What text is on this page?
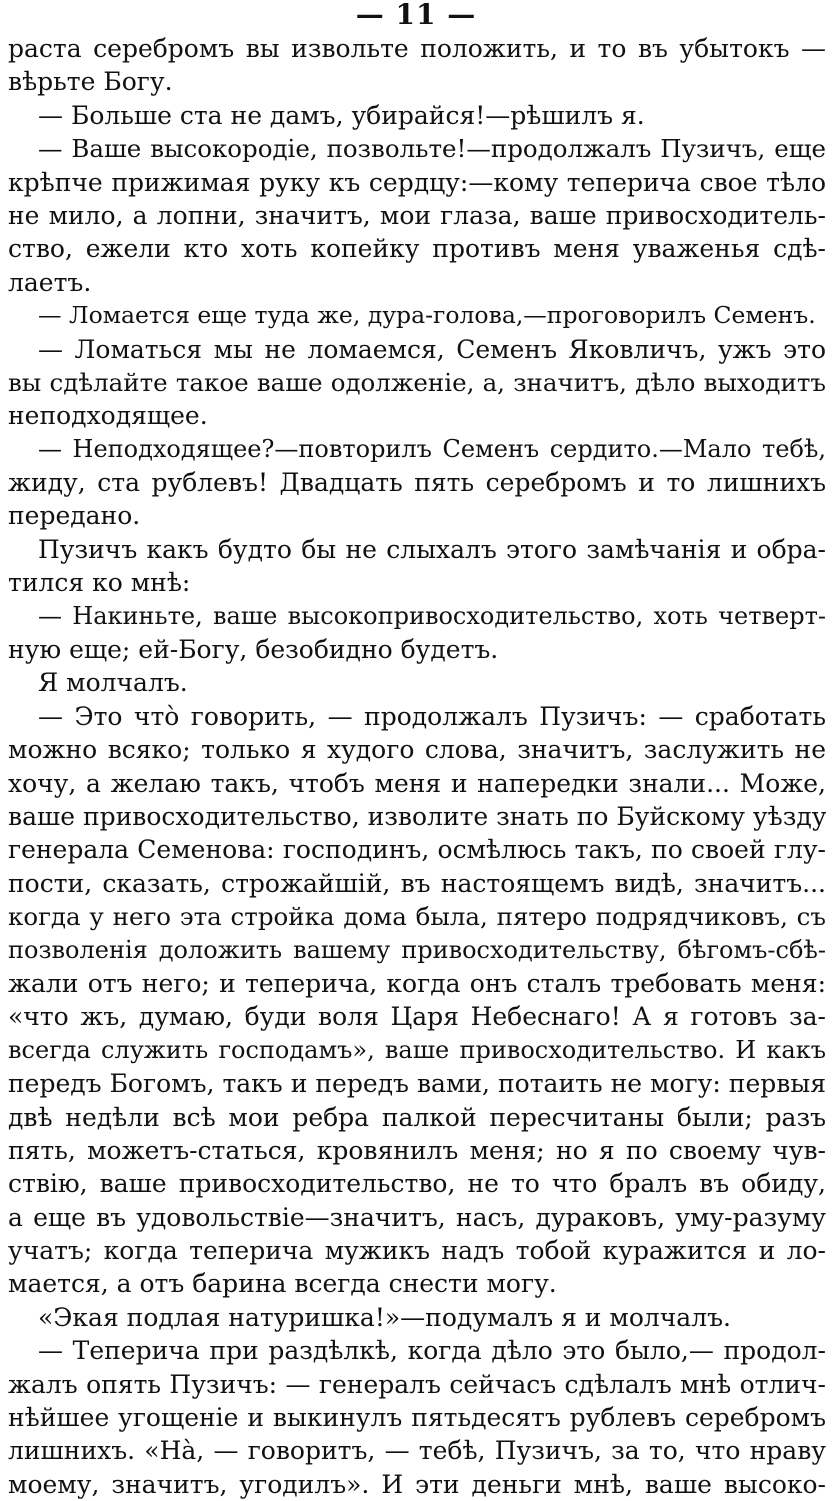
— 11 —
раста серебромъ вы извольте положить, и то въ убытокъ —
вѣрьте Богу.
— Больше ста не дамъ, убирайся!—рѣшилъ я.
— Ваше высокородіе, позвольте!—продолжалъ Пузичъ, еще
крѣпче прижимая руку къ сердцу:—кому теперича свое тѣло
не мило, а лопни, значитъ, мои глаза, ваше привосходитель-
ство, ежели кто хоть копейку противъ меня уваженья сдѣ-
лаетъ.
— Ломается еще туда же, дура-голова,—проговорилъ Семенъ.
— Ломаться мы не ломаемся, Семенъ Яковличъ, ужъ это
вы сдѣлайте такое ваше одолженіе, а, значитъ, дѣло выходитъ
неподходящее.
— Неподходящее?—повторилъ Семенъ сердито.—Мало тебѣ,
жиду, ста рублевъ! Двадцать пять серебромъ и то лишнихъ
передано.
Пузичъ какъ будто бы не слыхалъ этого замѣчанія и обра-
тился ко мнѣ:
— Накиньте, ваше высокопривосходительство, хоть четверт-
ную еще; ей-Богу, безобидно будетъ.
Я молчалъ.
— Это что̀ говорить, — продолжалъ Пузичъ: — сработать
можно всяко; только я худого слова, значитъ, заслужить не
хочу, а желаю такъ, чтобъ меня и напередки знали... Може,
ваше привосходительство, изволите знать по Буйскому уѣзду
генерала Семенова: господинъ, осмѣлюсь такъ, по своей глу-
пости, сказать, строжайшій, въ настоящемъ видѣ, значитъ...
когда у него эта стройка дома была, пятеро подрядчиковъ, съ
позволенія доложить вашему привосходительству, бѣгомъ-сбѣ-
жали отъ него; и теперича, когда онъ сталъ требовать меня:
«что жъ, думаю, буди воля Царя Небеснаго! А я готовъ за-
всегда служить господамъ», ваше привосходительство. И какъ
передъ Богомъ, такъ и передъ вами, потаить не могу: первыя
двѣ недѣли всѣ мои ребра палкой пересчитаны были; разъ
пять, можетъ-статься, кровянилъ меня; но я по своему чув-
ствію, ваше привосходительство, не то что бралъ въ обиду,
а еще въ удовольствіе—значитъ, насъ, дураковъ, уму-разуму
учатъ; когда теперича мужикъ надъ тобой куражится и ло-
мается, а отъ барина всегда снести могу.
«Экая подлая натуришка!»—подумалъ я и молчалъ.
— Теперича при раздѣлкѣ, когда дѣло это было,— продол-
жалъ опять Пузичъ: — генералъ сейчасъ сдѣлалъ мнѣ отлич-
нѣйшее угощеніе и выкинулъ пятьдесятъ рублевъ серебромъ
лишнихъ. «На̀, — говоритъ, — тебѣ, Пузичъ, за то, что нраву
моему, значитъ, угодилъ». И эти деньги мнѣ, ваше высоко-
